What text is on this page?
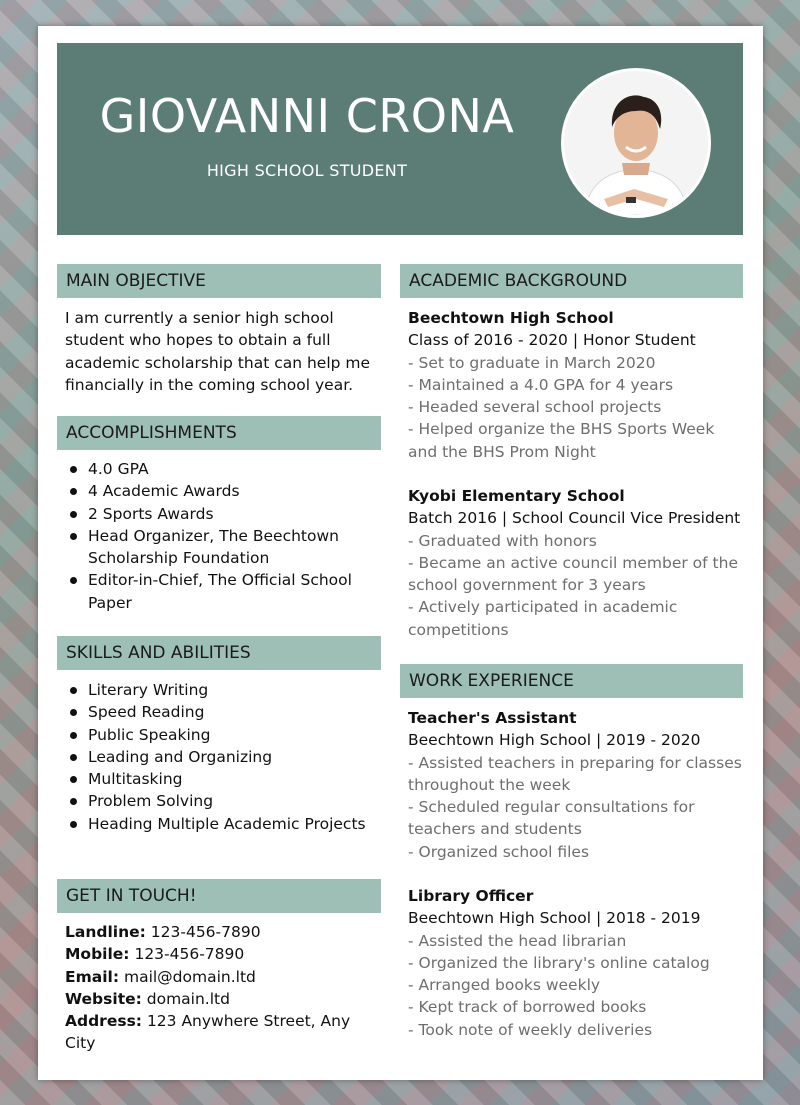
GIOVANNI CRONA
HIGH SCHOOL STUDENT
MAIN OBJECTIVE
I am currently a senior high school student who hopes to obtain a full academic scholarship that can help me financially in the coming school year.
ACCOMPLISHMENTS
4.0 GPA
4 Academic Awards
2 Sports Awards
Head Organizer, The Beechtown Scholarship Foundation
Editor-in-Chief, The Official School Paper
SKILLS AND ABILITIES
Literary Writing
Speed Reading
Public Speaking
Leading and Organizing
Multitasking
Problem Solving
Heading Multiple Academic Projects
GET IN TOUCH!
Landline: 123-456-7890
Mobile: 123-456-7890
Email: mail@domain.ltd
Website: domain.ltd
Address: 123 Anywhere Street, Any City
ACADEMIC BACKGROUND
Beechtown High School
Class of 2016 - 2020 | Honor Student
- Set to graduate in March 2020
- Maintained a 4.0 GPA for 4 years
- Headed several school projects
- Helped organize the BHS Sports Week and the BHS Prom Night
Kyobi Elementary School
Batch 2016 | School Council Vice President
- Graduated with honors
- Became an active council member of the school government for 3 years
- Actively participated in academic competitions
WORK EXPERIENCE
Teacher's Assistant
Beechtown High School | 2019 - 2020
- Assisted teachers in preparing for classes throughout the week
- Scheduled regular consultations for teachers and students
- Organized school files
Library Officer
Beechtown High School | 2018 - 2019
- Assisted the head librarian
- Organized the library's online catalog
- Arranged books weekly
- Kept track of borrowed books
- Took note of weekly deliveries
